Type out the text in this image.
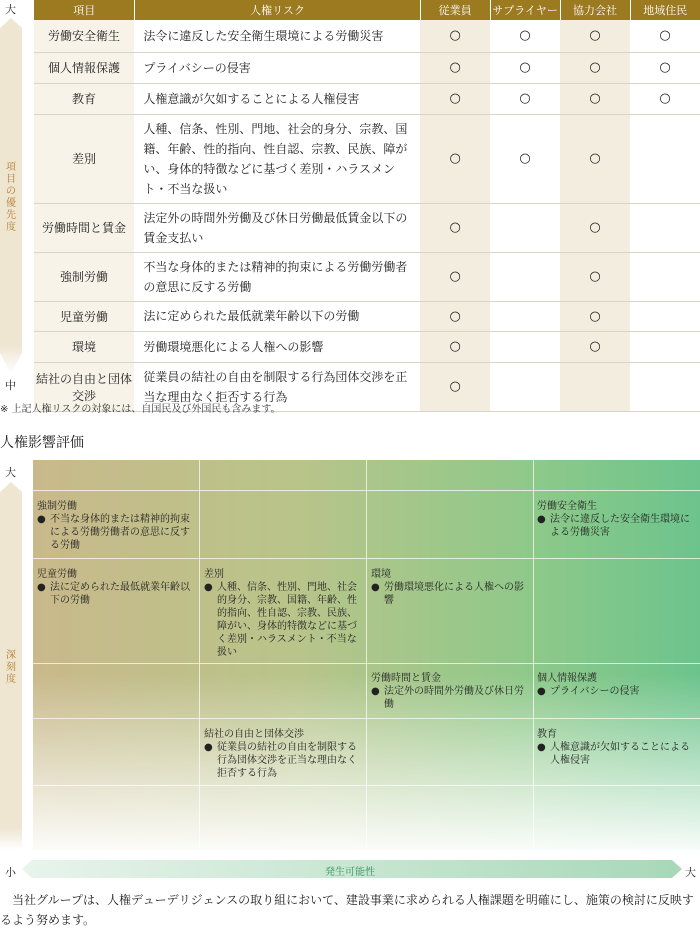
大
中
項目の優先度
項目	人権リスク	従業員	サプライヤー	協力会社	地域住民
労働安全衛生	法令に違反した安全衛生環境による労働災害	○	○	○	○
個人情報保護	プライバシーの侵害	○	○	○	○
教育	人権意識が欠如することによる人権侵害	○	○	○	○
差別	人種、信条、性別、門地、社会的身分、宗教、国籍、年齢、性的指向、性自認、宗教、民族、障がい、身体的特徴などに基づく差別・ハラスメント・不当な扱い	○	○	○	
労働時間と賃金	法定外の時間外労働及び休日労働最低賃金以下の賃金支払い	○		○	
強制労働	不当な身体的または精神的拘束による労働労働者の意思に反する労働	○		○	
児童労働	法に定められた最低就業年齢以下の労働	○		○	
環境	労働環境悪化による人権への影響	○		○	
結社の自由と団体交渉	従業員の結社の自由を制限する行為団体交渉を正当な理由なく拒否する行為	○			
※ 上記人権リスクの対象には、自国民及び外国民も含みます。
人権影響評価
大
深刻度
強制労働
● 不当な身体的または精神的拘束による労働労働者の意思に反する労働
労働安全衛生
● 法令に違反した安全衛生環境による労働災害
児童労働
● 法に定められた最低就業年齢以下の労働
差別
● 人種、信条、性別、門地、社会的身分、宗教、国籍、年齢、性的指向、性自認、宗教、民族、障がい、身体的特徴などに基づく差別・ハラスメント・不当な扱い
環境
● 労働環境悪化による人権への影響
労働時間と賃金
● 法定外の時間外労働及び休日労働
個人情報保護
● プライバシーの侵害
結社の自由と団体交渉
● 従業員の結社の自由を制限する行為団体交渉を正当な理由なく拒否する行為
教育
● 人権意識が欠如することによる人権侵害
小	発生可能性	大
当社グループは、人権デューデリジェンスの取り組において、建設事業に求められる人権課題を明確にし、施策の検討に反映するよう努めます。
